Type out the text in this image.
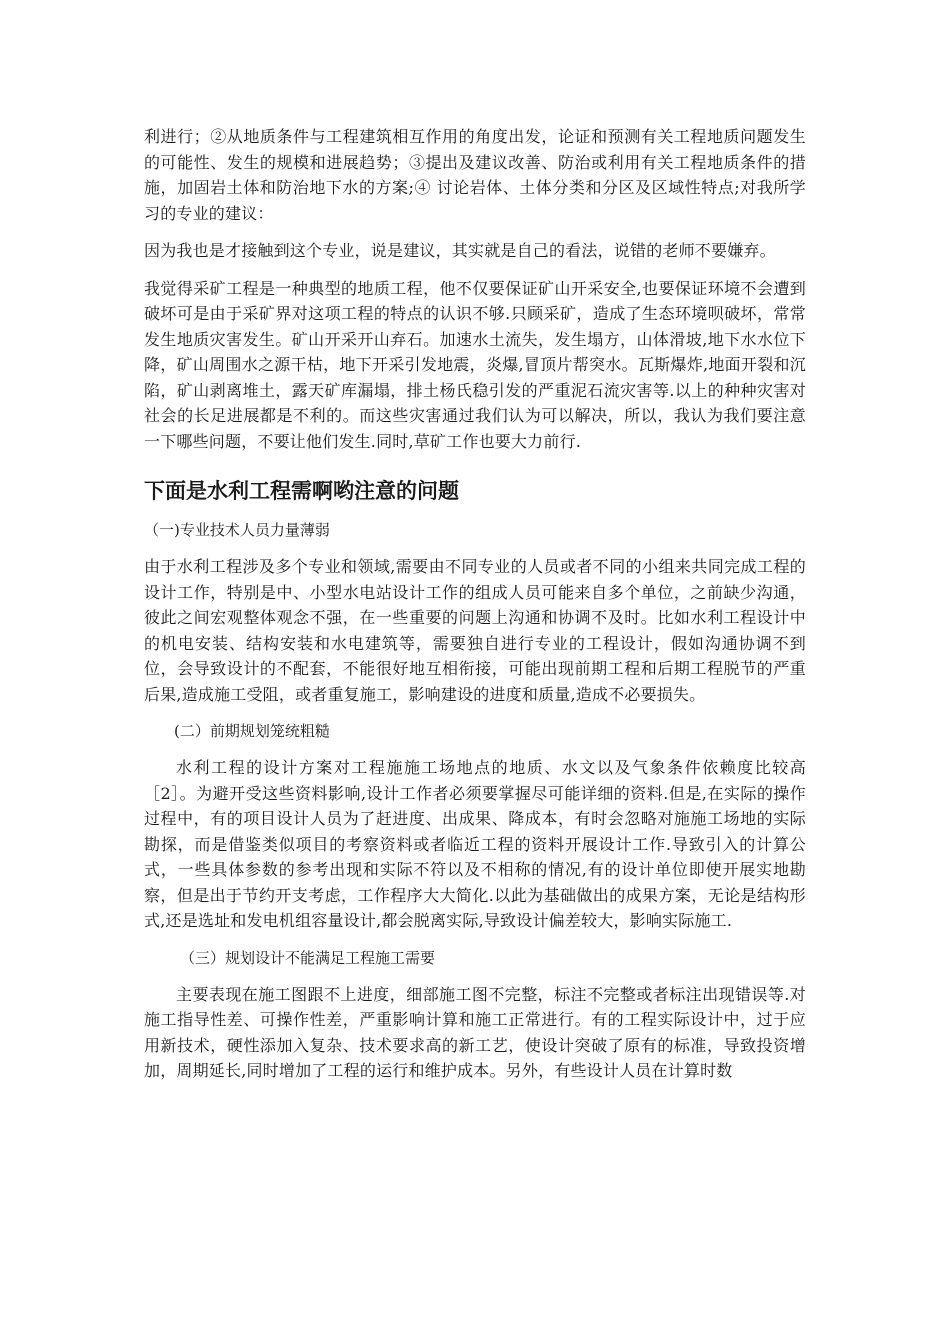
利进行；②从地质条件与工程建筑相互作用的角度出发，论证和预测有关工程地质问题发生的可能性、发生的规模和进展趋势；③提出及建议改善、防治或利用有关工程地质条件的措施，加固岩土体和防治地下水的方案;④ 讨论岩体、土体分类和分区及区域性特点;对我所学习的专业的建议：

因为我也是才接触到这个专业，说是建议，其实就是自己的看法，说错的老师不要嫌弃。

我觉得采矿工程是一种典型的地质工程，他不仅要保证矿山开采安全,也要保证环境不会遭到破坏可是由于采矿界对这项工程的特点的认识不够.只顾采矿，造成了生态环境呗破坏，常常发生地质灾害发生。矿山开采开山弃石。加速水土流失，发生塌方，山体滑坡,地下水水位下降，矿山周围水之源干枯，地下开采引发地震，炎爆,冒顶片帮突水。瓦斯爆炸,地面开裂和沉陷，矿山剥离堆土，露天矿库漏塌，排土杨氏稳引发的严重泥石流灾害等.以上的种种灾害对社会的长足进展都是不利的。而这些灾害通过我们认为可以解决，所以，我认为我们要注意一下哪些问题，不要让他们发生.同时,草矿工作也要大力前行.

下面是水利工程需啊哟注意的问题

（一)专业技术人员力量薄弱

由于水利工程涉及多个专业和领域,需要由不同专业的人员或者不同的小组来共同完成工程的设计工作，特别是中、小型水电站设计工作的组成人员可能来自多个单位，之前缺少沟通，彼此之间宏观整体观念不强，在一些重要的问题上沟通和协调不及时。比如水利工程设计中的机电安装、结构安装和水电建筑等，需要独自进行专业的工程设计，假如沟通协调不到位，会导致设计的不配套，不能很好地互相衔接，可能出现前期工程和后期工程脱节的严重后果,造成施工受阻，或者重复施工，影响建设的进度和质量,造成不必要损失。

(二）前期规划笼统粗糙

水利工程的设计方案对工程施施工场地点的地质、水文以及气象条件依赖度比较高［2］。为避开受这些资料影响,设计工作者必须要掌握尽可能详细的资料.但是,在实际的操作过程中，有的项目设计人员为了赶进度、出成果、降成本，有时会忽略对施施工场地的实际勘探，而是借鉴类似项目的考察资料或者临近工程的资料开展设计工作.导致引入的计算公式，一些具体参数的参考出现和实际不符以及不相称的情况,有的设计单位即使开展实地勘察，但是出于节约开支考虑，工作程序大大简化.以此为基础做出的成果方案，无论是结构形式,还是选址和发电机组容量设计,都会脱离实际,导致设计偏差较大，影响实际施工.

（三）规划设计不能满足工程施工需要

主要表现在施工图跟不上进度，细部施工图不完整，标注不完整或者标注出现错误等.对施工指导性差、可操作性差，严重影响计算和施工正常进行。有的工程实际设计中，过于应用新技术，硬性添加入复杂、技术要求高的新工艺，使设计突破了原有的标准，导致投资增加，周期延长,同时增加了工程的运行和维护成本。另外，有些设计人员在计算时数
